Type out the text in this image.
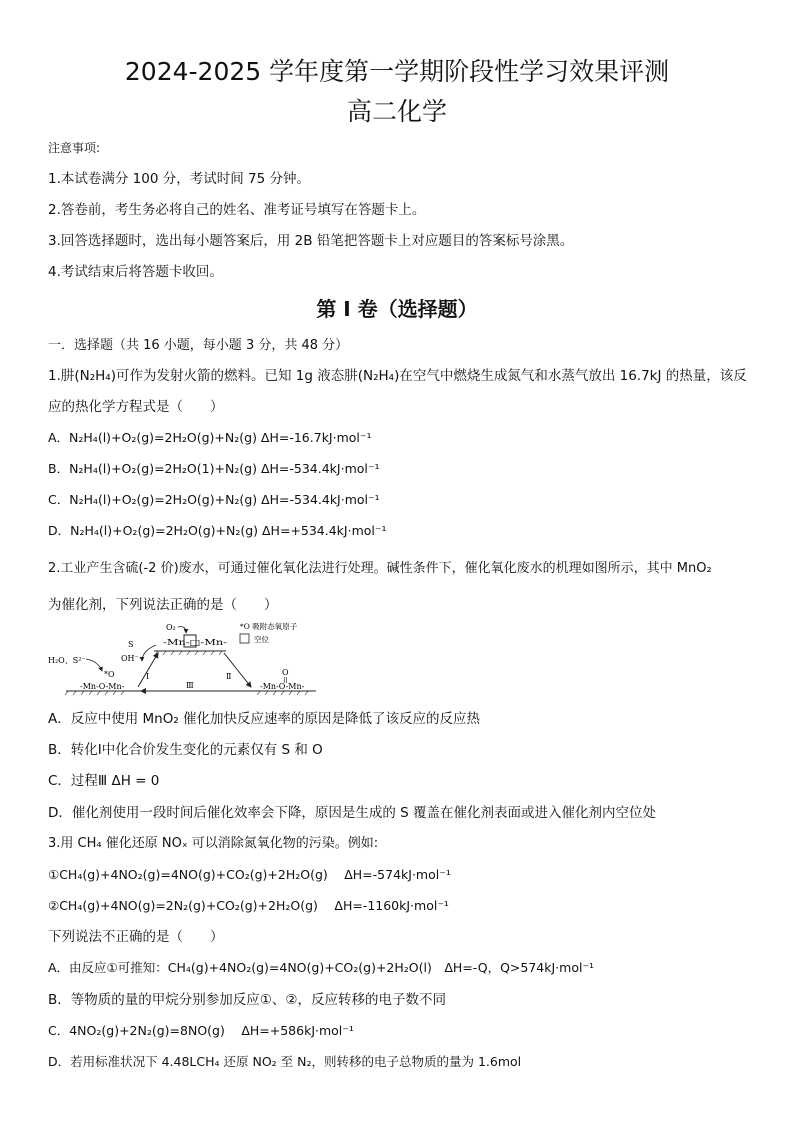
2024-2025 学年度第一学期阶段性学习效果评测
高二化学
注意事项:
1.本试卷满分 100 分，考试时间 75 分钟。
2.答卷前，考生务必将自己的姓名、准考证号填写在答题卡上。
3.回答选择题时，选出每小题答案后，用 2B 铅笔把答题卡上对应题目的答案标号涂黑。
4.考试结束后将答题卡收回。
第 I 卷（选择题）
一．选择题（共 16 小题，每小题 3 分，共 48 分）
1.肼(N₂H₄)可作为发射火箭的燃料。已知 1g 液态肼(N₂H₄)在空气中燃烧生成氮气和水蒸气放出 16.7kJ 的热量，该反
应的热化学方程式是（　　）
A．N₂H₄(l)+O₂(g)=2H₂O(g)+N₂(g) ΔH=-16.7kJ·mol⁻¹
B．N₂H₄(l)+O₂(g)=2H₂O(1)+N₂(g) ΔH=-534.4kJ·mol⁻¹
C．N₂H₄(l)+O₂(g)=2H₂O(g)+N₂(g) ΔH=-534.4kJ·mol⁻¹
D．N₂H₄(l)+O₂(g)=2H₂O(g)+N₂(g) ΔH=+534.4kJ·mol⁻¹
2.工业产生含硫(-2 价)废水，可通过催化氧化法进行处理。碱性条件下，催化氧化废水的机理如图所示，其中 MnO₂
为催化剂，下列说法正确的是（　　）
O₂
-Mn-□-Mn-
S
OH⁻
H₂O、S²⁻
*O
-Mn-O-Mn-	-Mn-O-Mn-
O
Ⅰ	Ⅱ
Ⅲ
*O 吸附态氧原子
空位
A．反应中使用 MnO₂ 催化加快反应速率的原因是降低了该反应的反应热
B．转化Ⅰ中化合价发生变化的元素仅有 S 和 O
C．过程Ⅲ ΔH = 0
D．催化剂使用一段时间后催化效率会下降，原因是生成的 S 覆盖在催化剂表面或进入催化剂内空位处
3.用 CH₄ 催化还原 NOₓ 可以消除氮氧化物的污染。例如:
①CH₄(g)+4NO₂(g)=4NO(g)+CO₂(g)+2H₂O(g)　 ΔH=-574kJ·mol⁻¹
②CH₄(g)+4NO(g)=2N₂(g)+CO₂(g)+2H₂O(g)　 ΔH=-1160kJ·mol⁻¹
下列说法不正确的是（　　）
A．由反应①可推知：CH₄(g)+4NO₂(g)=4NO(g)+CO₂(g)+2H₂O(l)　ΔH=-Q，Q>574kJ·mol⁻¹
B．等物质的量的甲烷分别参加反应①、②，反应转移的电子数不同
C．4NO₂(g)+2N₂(g)=8NO(g)　 ΔH=+586kJ·mol⁻¹
D．若用标准状况下 4.48LCH₄ 还原 NO₂ 至 N₂，则转移的电子总物质的量为 1.6mol
